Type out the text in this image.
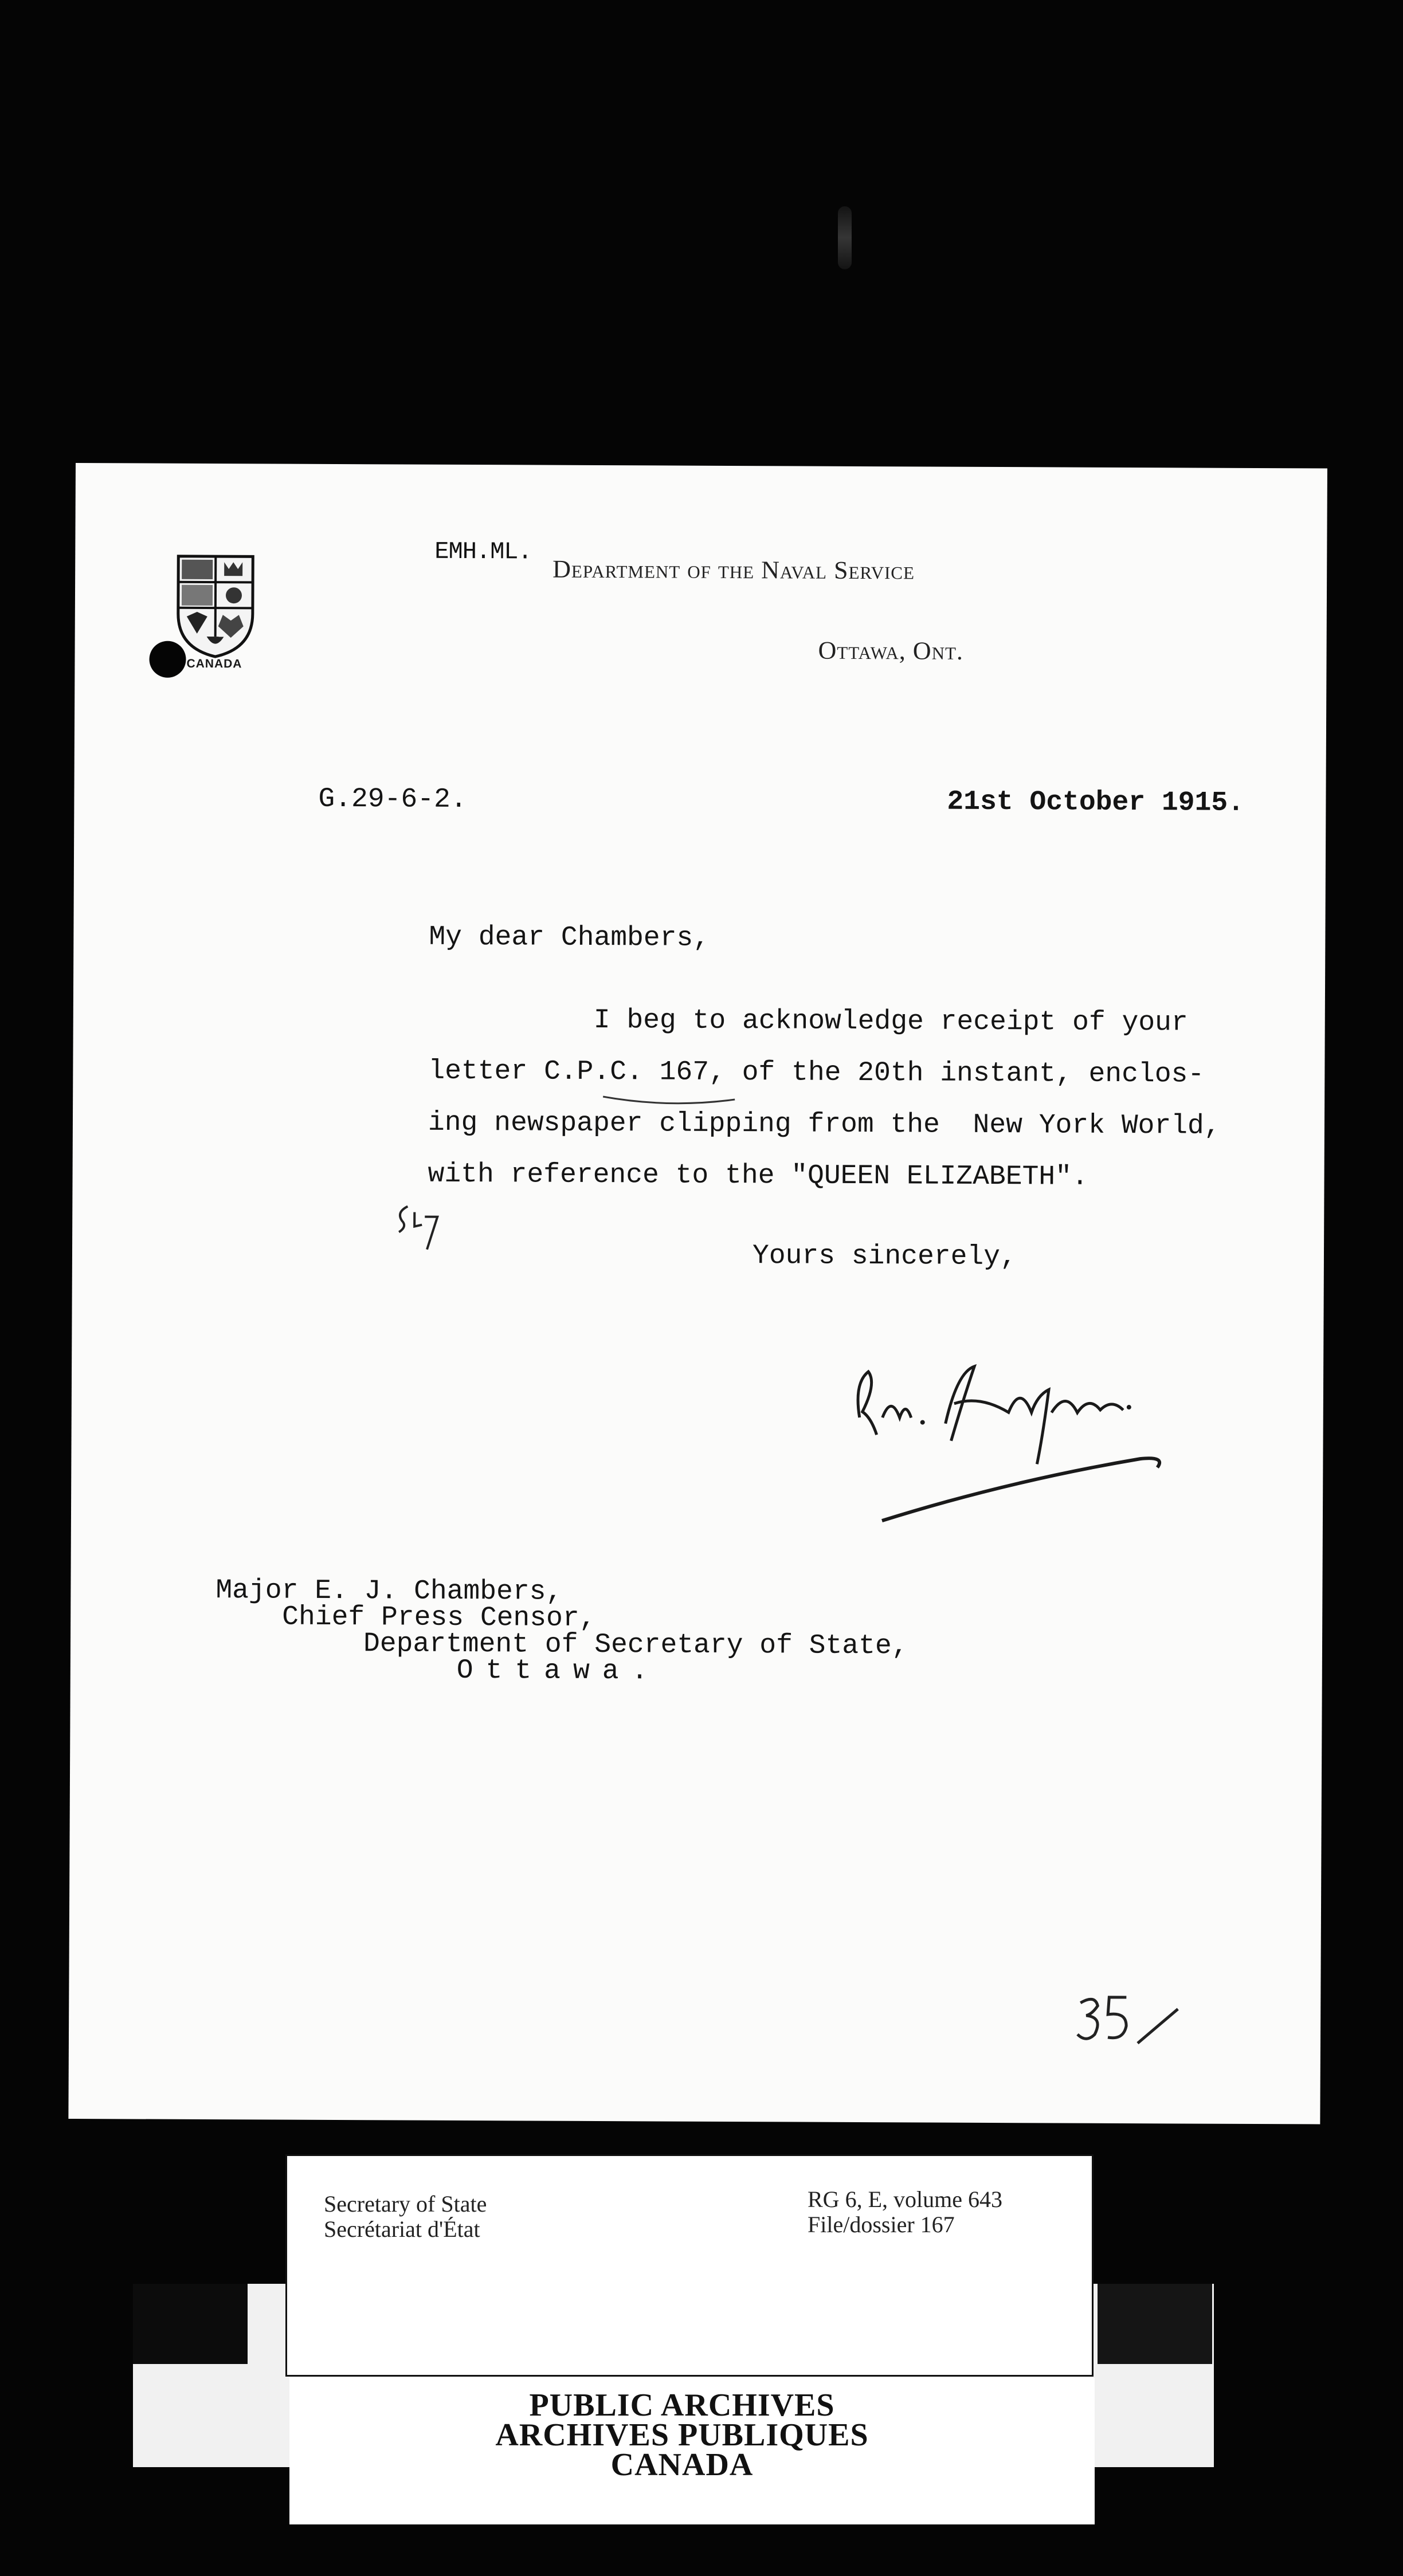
CANADA
EMH.ML.
Department of the Naval Service
Ottawa, Ont.
G.29-6-2.	21st October 1915.
My dear Chambers,
I beg to acknowledge receipt of your
letter C.P.C. 167, of the 20th instant, enclos-
ing newspaper clipping from the  New York World,
with reference to the "QUEEN ELIZABETH".
Yours sincerely,
Major E. J. Chambers,
Chief Press Censor,
Department of Secretary of State,
Ottawa.
Secretary of State
Secrétariat d'État
RG 6, E, volume 643
File/dossier 167
PUBLIC ARCHIVES
ARCHIVES PUBLIQUES
CANADA
